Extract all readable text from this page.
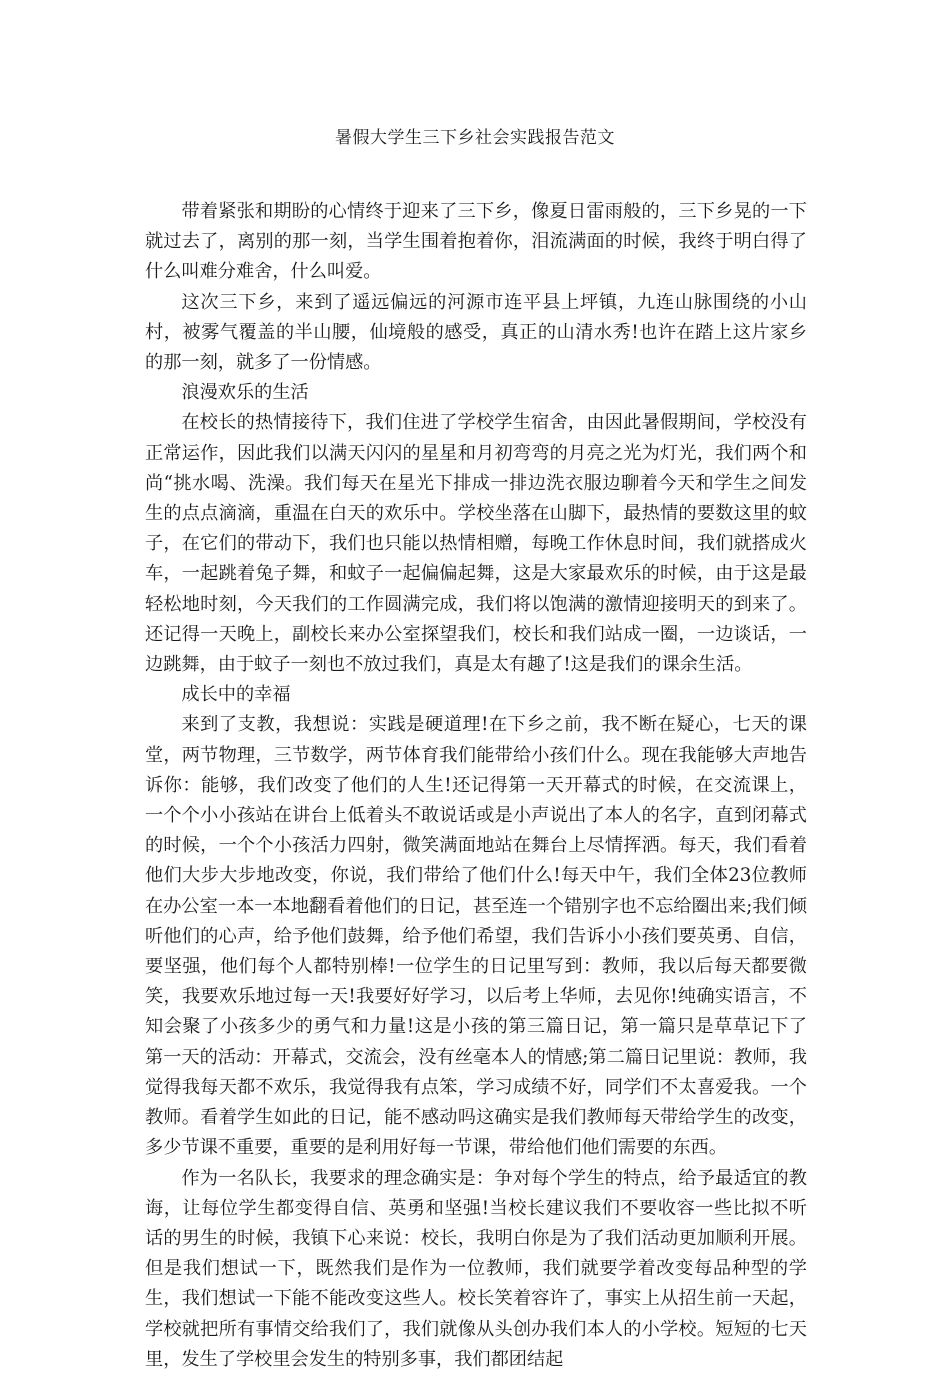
暑假大学生三下乡社会实践报告范文

带着紧张和期盼的心情终于迎来了三下乡，像夏日雷雨般的，三下乡晃的一下就过去了，离别的那一刻，当学生围着抱着你，泪流满面的时候，我终于明白得了什么叫难分难舍，什么叫爱。

这次三下乡，来到了遥远偏远的河源市连平县上坪镇，九连山脉围绕的小山村，被雾气覆盖的半山腰，仙境般的感受，真正的山清水秀!也许在踏上这片家乡的那一刻，就多了一份情感。

浪漫欢乐的生活

在校长的热情接待下，我们住进了学校学生宿舍，由因此暑假期间，学校没有正常运作，因此我们以满天闪闪的星星和月初弯弯的月亮之光为灯光，我们两个和尚“挑水喝、洗澡。我们每天在星光下排成一排边洗衣服边聊着今天和学生之间发生的点点滴滴，重温在白天的欢乐中。学校坐落在山脚下，最热情的要数这里的蚊子，在它们的带动下，我们也只能以热情相赠，每晚工作休息时间，我们就搭成火车，一起跳着兔子舞，和蚊子一起偏偏起舞，这是大家最欢乐的时候，由于这是最轻松地时刻，今天我们的工作圆满完成，我们将以饱满的激情迎接明天的到来了。还记得一天晚上，副校长来办公室探望我们，校长和我们站成一圈，一边谈话，一边跳舞，由于蚊子一刻也不放过我们，真是太有趣了!这是我们的课余生活。

成长中的幸福

来到了支教，我想说：实践是硬道理!在下乡之前，我不断在疑心，七天的课堂，两节物理，三节数学，两节体育我们能带给小孩们什么。现在我能够大声地告诉你：能够，我们改变了他们的人生!还记得第一天开幕式的时候，在交流课上，一个个小小孩站在讲台上低着头不敢说话或是小声说出了本人的名字，直到闭幕式的时候，一个个小孩活力四射，微笑满面地站在舞台上尽情挥洒。每天，我们看着他们大步大步地改变，你说，我们带给了他们什么!每天中午，我们全体23位教师在办公室一本一本地翻看着他们的日记，甚至连一个错别字也不忘给圈出来;我们倾听他们的心声，给予他们鼓舞，给予他们希望，我们告诉小小孩们要英勇、自信，要坚强，他们每个人都特别棒!一位学生的日记里写到：教师，我以后每天都要微笑，我要欢乐地过每一天!我要好好学习，以后考上华师，去见你!纯确实语言，不知会聚了小孩多少的勇气和力量!这是小孩的第三篇日记，第一篇只是草草记下了第一天的活动：开幕式，交流会，没有丝毫本人的情感;第二篇日记里说：教师，我觉得我每天都不欢乐，我觉得我有点笨，学习成绩不好，同学们不太喜爱我。一个教师。看着学生如此的日记，能不感动吗这确实是我们教师每天带给学生的改变，多少节课不重要，重要的是利用好每一节课，带给他们他们需要的东西。

作为一名队长，我要求的理念确实是：争对每个学生的特点，给予最适宜的教诲，让每位学生都变得自信、英勇和坚强!当校长建议我们不要收容一些比拟不听话的男生的时候，我镇下心来说：校长，我明白你是为了我们活动更加顺利开展。但是我们想试一下，既然我们是作为一位教师，我们就要学着改变每品种型的学生，我们想试一下能不能改变这些人。校长笑着容许了，事实上从招生前一天起，学校就把所有事情交给我们了，我们就像从头创办我们本人的小学校。短短的七天里，发生了学校里会发生的特别多事，我们都团结起
